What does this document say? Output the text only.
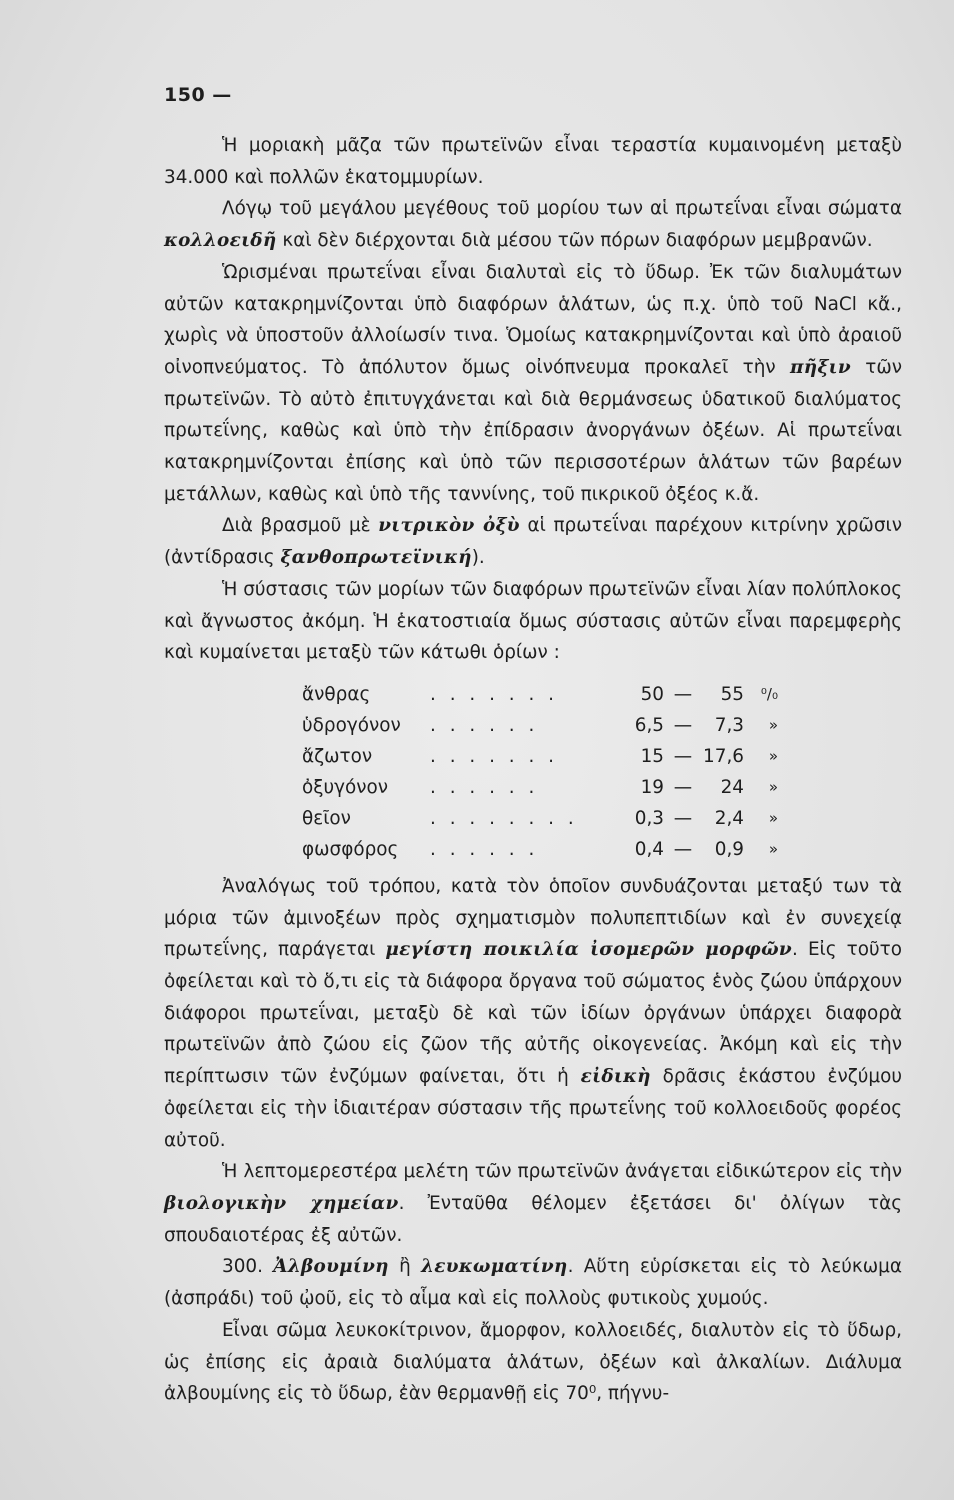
150 —

Ἡ μοριακὴ μᾶζα τῶν πρωτεϊνῶν εἶναι τεραστία κυμαινομένη μεταξὺ 34.000 καὶ πολλῶν ἑκατομμυρίων.

Λόγῳ τοῦ μεγάλου μεγέθους τοῦ μορίου των αἱ πρωτεΐναι εἶναι σώματα κολλοειδῆ καὶ δὲν διέρχονται διὰ μέσου τῶν πόρων διαφόρων μεμβρανῶν.

Ὡρισμέναι πρωτεΐναι εἶναι διαλυταὶ εἰς τὸ ὕδωρ. Ἐκ τῶν διαλυμάτων αὐτῶν κατακρημνίζονται ὑπὸ διαφόρων ἁλάτων, ὡς π.χ. ὑπὸ τοῦ NaCl κἄ., χωρὶς νὰ ὑποστοῦν ἀλλοίωσίν τινα. Ὁμοίως κατακρημνίζονται καὶ ὑπὸ ἀραιοῦ οἰνοπνεύματος. Τὸ ἀπόλυτον ὅμως οἰνόπνευμα προκαλεῖ τὴν πῆξιν τῶν πρωτεϊνῶν. Τὸ αὐτὸ ἐπιτυγχάνεται καὶ διὰ θερμάνσεως ὑδατικοῦ διαλύματος πρωτεΐνης, καθὼς καὶ ὑπὸ τὴν ἐπίδρασιν ἀνοργάνων ὀξέων. Αἱ πρωτεΐναι κατακρημνίζονται ἐπίσης καὶ ὑπὸ τῶν περισσοτέρων ἁλάτων τῶν βαρέων μετάλλων, καθὼς καὶ ὑπὸ τῆς ταννίνης, τοῦ πικρικοῦ ὀξέος κ.ἄ.

Διὰ βρασμοῦ μὲ νιτρικὸν ὀξὺ αἱ πρωτεΐναι παρέχουν κιτρίνην χρῶσιν (ἀντίδρασις ξανθοπρωτεϊνική).

Ἡ σύστασις τῶν μορίων τῶν διαφόρων πρωτεϊνῶν εἶναι λίαν πολύπλοκος καὶ ἄγνωστος ἀκόμη. Ἡ ἑκατοστιαία ὅμως σύστασις αὐτῶν εἶναι παρεμφερὴς καὶ κυμαίνεται μεταξὺ τῶν κάτωθι ὁρίων :

ἄνθρας	. . . . . . .	50	—	55	⁰/₀
ὑδρογόνον	. . . . . .	6,5	—	7,3	»
ἄζωτον	. . . . . . .	15	—	17,6	»
ὀξυγόνον	. . . . . .	19	—	24	»
θεῖον	. . . . . . . .	0,3	—	2,4	»
φωσφόρος	. . . . . .	0,4	—	0,9	»

Ἀναλόγως τοῦ τρόπου, κατὰ τὸν ὁποῖον συνδυάζονται μεταξύ των τὰ μόρια τῶν ἀμινοξέων πρὸς σχηματισμὸν πολυπεπτιδίων καὶ ἐν συνεχείᾳ πρωτεΐνης, παράγεται μεγίστη ποικιλία ἰσομερῶν μορφῶν. Εἰς τοῦτο ὀφείλεται καὶ τὸ ὅ,τι εἰς τὰ διάφορα ὄργανα τοῦ σώματος ἑνὸς ζώου ὑπάρχουν διάφοροι πρωτεΐναι, μεταξὺ δὲ καὶ τῶν ἰδίων ὀργάνων ὑπάρχει διαφορὰ πρωτεϊνῶν ἀπὸ ζώου εἰς ζῶον τῆς αὐτῆς οἰκογενείας. Ἀκόμη καὶ εἰς τὴν περίπτωσιν τῶν ἐνζύμων φαίνεται, ὅτι ἡ εἰδικὴ δρᾶσις ἑκάστου ἐνζύμου ὀφείλεται εἰς τὴν ἰδιαιτέραν σύστασιν τῆς πρωτεΐνης τοῦ κολλοειδοῦς φορέος αὐτοῦ.

Ἡ λεπτομερεστέρα μελέτη τῶν πρωτεϊνῶν ἀνάγεται εἰδικώτερον εἰς τὴν βιολογικὴν χημείαν. Ἐνταῦθα θέλομεν ἐξετάσει δι' ὀλίγων τὰς σπουδαιοτέρας ἐξ αὐτῶν.

300. Ἀλβουμίνη ἢ λευκωματίνη. Αὕτη εὑρίσκεται εἰς τὸ λεύκωμα (ἀσπράδι) τοῦ ᾠοῦ, εἰς τὸ αἷμα καὶ εἰς πολλοὺς φυτικοὺς χυμούς.

Εἶναι σῶμα λευκοκίτρινον, ἄμορφον, κολλοειδές, διαλυτὸν εἰς τὸ ὕδωρ, ὡς ἐπίσης εἰς ἀραιὰ διαλύματα ἁλάτων, ὀξέων καὶ ἀλκαλίων. Διάλυμα ἀλβουμίνης εἰς τὸ ὕδωρ, ἐὰν θερμανθῇ εἰς 70⁰, πήγνυ-
